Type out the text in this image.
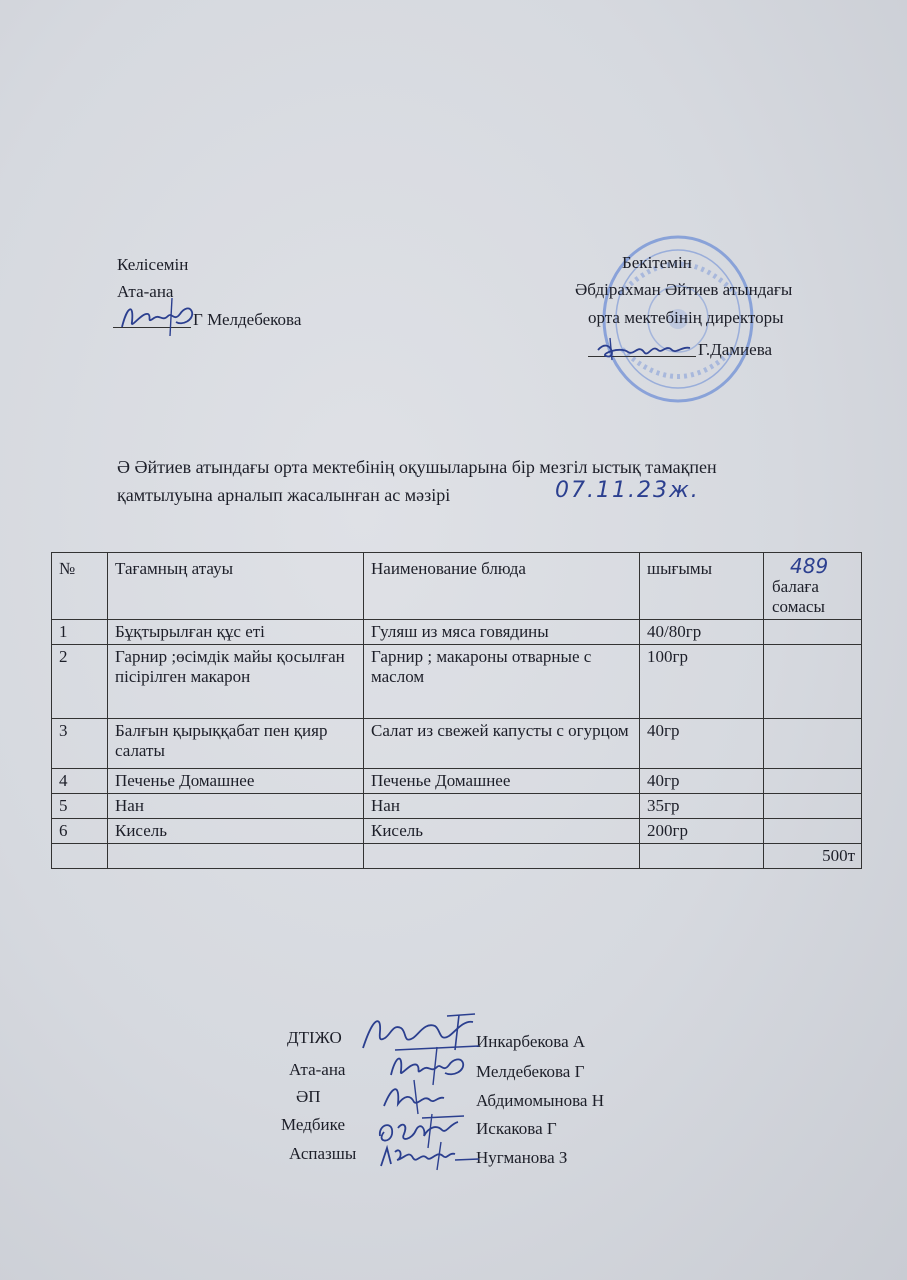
Келісемін
Ата-ана
Г Мелдебекова
Бекітемін
Әбдірахман Әйтиев атындағы
орта мектебінің директоры
Г.Дамиева
Ә Әйтиев атындағы орта мектебінің оқушыларына бір мезгіл ыстық тамақпен
қамтылуына арналып жасалынған ас мәзірі	07.11.23ж.
№	Тағамның атауы	Наименование блюда	шығымы	489
балаға сомасы

1	Бұқтырылған құс еті	Гуляш из мяса говядины	40/80гр	
2	Гарнир ;өсімдік майы қосылған пісірілген макарон	Гарнир ; макароны отварные с маслом	100гр	
3	Балғын қырыққабат пен қияр салаты	Салат из свежей капусты с огурцом	40гр	
4	Печенье Домашнее	Печенье Домашнее	40гр	
5	Нан	Нан	35гр	
6	Кисель	Кисель	200гр	
				500т
ДТІЖО	Инкарбекова А
Ата-ана	Мелдебекова Г
ӘП	Абдимомынова Н
Медбике	Искакова Г
Аспазшы	Нугманова З
